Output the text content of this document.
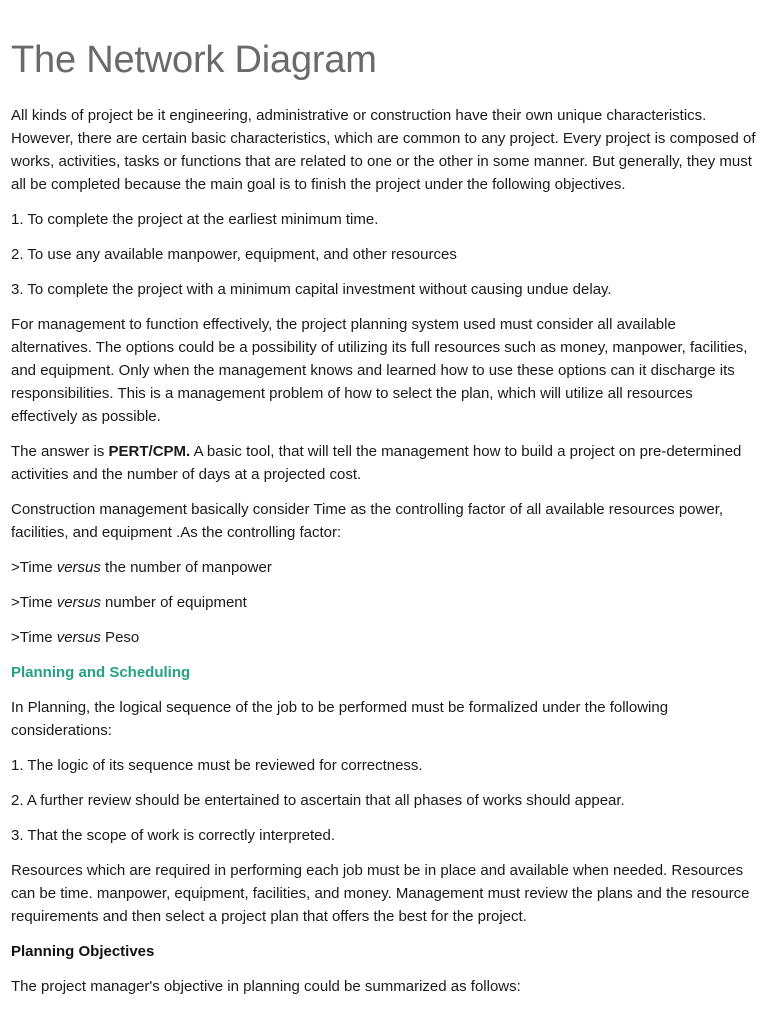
The Network Diagram

All kinds of project be it engineering, administrative or construction have their own unique characteristics. However, there are certain basic characteristics, which are common to any project. Every project is composed of works, activities, tasks or functions that are related to one or the other in some manner. But generally, they must all be completed because the main goal is to finish the project under the following objectives.

1. To complete the project at the earliest minimum time.

2. To use any available manpower, equipment, and other resources

3. To complete the project with a minimum capital investment without causing undue delay.

For management to function effectively, the project planning system used must consider all available alternatives. The options could be a possibility of utilizing its full resources such as money, manpower, facilities, and equipment. Only when the management knows and learned how to use these options can it discharge its responsibilities. This is a management problem of how to select the plan, which will utilize all resources effectively as possible.

The answer is PERT/CPM. A basic tool, that will tell the management how to build a project on pre-determined activities and the number of days at a projected cost.

Construction management basically consider Time as the controlling factor of all available resources power, facilities, and equipment .As the controlling factor:

>Time versus the number of manpower

>Time versus number of equipment

>Time versus Peso

Planning and Scheduling

In Planning, the logical sequence of the job to be performed must be formalized under the following considerations:

1. The logic of its sequence must be reviewed for correctness.

2. A further review should be entertained to ascertain that all phases of works should appear.

3. That the scope of work is correctly interpreted.

Resources which are required in performing each job must be in place and available when needed. Resources can be time. manpower, equipment, facilities, and money. Management must review the plans and the resource requirements and then select a project plan that offers the best for the project.

Planning Objectives

The project manager's objective in planning could be summarized as follows:
